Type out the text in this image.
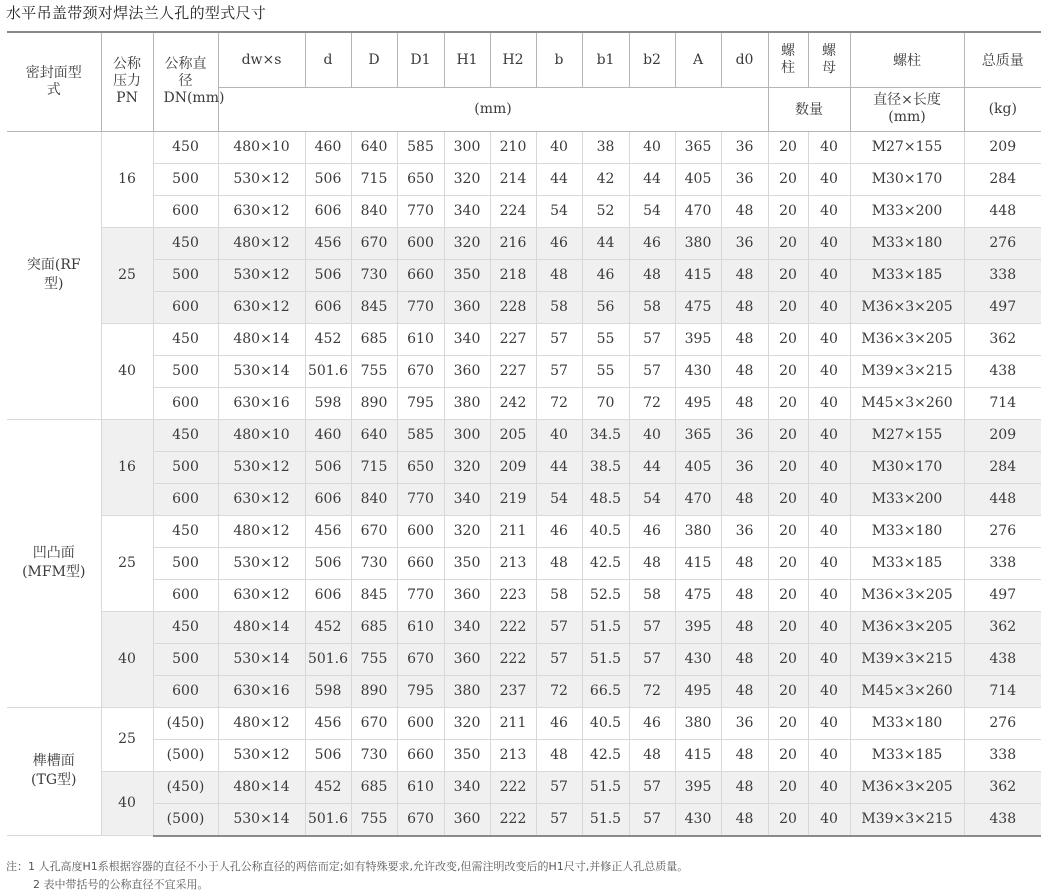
水平吊盖带颈对焊法兰人孔的型式尺寸
密封面型式	公称压力PN	公称直径DN(mm)	dw×s	d	D	D1	H1	H2	b	b1	b2	A	d0	螺柱	螺母	螺柱	总质量
			(mm)											数量		直径×长度(mm)	(kg)
突面(RF型)	16	450	480×10	460	640	585	300	210	40	38	40	365	36	20	40	M27×155	209
		500	530×12	506	715	650	320	214	44	42	44	405	36	20	40	M30×170	284
		600	630×12	606	840	770	340	224	54	52	54	470	48	20	40	M33×200	448
	25	450	480×12	456	670	600	320	216	46	44	46	380	36	20	40	M33×180	276
		500	530×12	506	730	660	350	218	48	46	48	415	48	20	40	M33×185	338
		600	630×12	606	845	770	360	228	58	56	58	475	48	20	40	M36×3×205	497
	40	450	480×14	452	685	610	340	227	57	55	57	395	48	20	40	M36×3×205	362
		500	530×14	501.6	755	670	360	227	57	55	57	430	48	20	40	M39×3×215	438
		600	630×16	598	890	795	380	242	72	70	72	495	48	20	40	M45×3×260	714
凹凸面(MFM型)	16	450	480×10	460	640	585	300	205	40	34.5	40	365	36	20	40	M27×155	209
		500	530×12	506	715	650	320	209	44	38.5	44	405	36	20	40	M30×170	284
		600	630×12	606	840	770	340	219	54	48.5	54	470	48	20	40	M33×200	448
	25	450	480×12	456	670	600	320	211	46	40.5	46	380	36	20	40	M33×180	276
		500	530×12	506	730	660	350	213	48	42.5	48	415	48	20	40	M33×185	338
		600	630×12	606	845	770	360	223	58	52.5	58	475	48	20	40	M36×3×205	497
	40	450	480×14	452	685	610	340	222	57	51.5	57	395	48	20	40	M36×3×205	362
		500	530×14	501.6	755	670	360	222	57	51.5	57	430	48	20	40	M39×3×215	438
		600	630×16	598	890	795	380	237	72	66.5	72	495	48	20	40	M45×3×260	714
榫槽面(TG型)	25	(450)	480×12	456	670	600	320	211	46	40.5	46	380	36	20	40	M33×180	276
		(500)	530×12	506	730	660	350	213	48	42.5	48	415	48	20	40	M33×185	338
	40	(450)	480×14	452	685	610	340	222	57	51.5	57	395	48	20	40	M36×3×205	362
		(500)	530×14	501.6	755	670	360	222	57	51.5	57	430	48	20	40	M39×3×215	438
注：1 人孔高度H1系根据容器的直径不小于人孔公称直径的两倍而定;如有特殊要求,允许改变,但需注明改变后的H1尺寸,并修正人孔总质量。
2 表中带括号的公称直径不宜采用。
